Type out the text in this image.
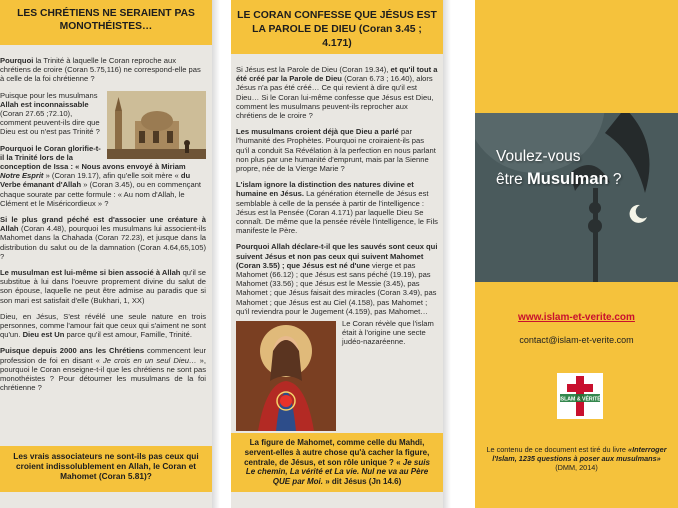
LES CHRÉTIENS NE SERAIENT PAS MONOTHÉISTES…

Pourquoi la Trinité à laquelle le Coran reproche aux chrétiens de croire (Coran 5.75,116) ne correspond-elle pas à celle de la foi chrétienne ?

Puisque pour les musulmans Allah est inconnaissable (Coran 27.65 ;72.10), comment peuvent-ils dire que Dieu est ou n'est pas Trinité ?

Pourquoi le Coran glorifie-t-il la Trinité lors de la conception de Issa : « Nous avons envoyé à Miriam Notre Esprit » (Coran 19.17), afin qu'elle soit mère « du Verbe émanant d'Allah » (Coran 3.45), ou en commençant chaque sourate par cette formule : « Au nom d'Allah, le Clément et le Miséricordieux » ?

Si le plus grand péché est d'associer une créature à Allah (Coran 4.48), pourquoi les musulmans lui associent-ils Mahomet dans la Chahada (Coran 72.23), et jusque dans la distribution du salut ou de la damnation (Coran 4.64,65,105) ?

Le musulman est lui-même si bien associé à Allah qu'il se substitue à lui dans l'oeuvre proprement divine du salut de son épouse, laquelle ne peut être admise au paradis que si son mari est satisfait d'elle (Bukhari, 1, XX)

Dieu, en Jésus, S'est révélé une seule nature en trois personnes, comme l'amour fait que ceux qui s'aiment ne sont qu'un. Dieu est Un parce qu'il est amour, Famille, Trinité.

Puisque depuis 2000 ans les Chrétiens commencent leur profession de foi en disant « Je crois en un seul Dieu… », pourquoi le Coran enseigne-t-il que les chrétiens ne sont pas monothéistes ? Pour détourner les musulmans de la foi chrétienne ?

Les vrais associateurs ne sont-ils pas ceux qui croient indissolublement en Allah, le Coran et Mahomet (Coran 5.81)?
LE CORAN CONFESSE QUE JÉSUS EST LA PAROLE DE DIEU (Coran 3.45 ; 4.171)

Si Jésus est la Parole de Dieu (Coran 19.34), et qu'il tout a été créé par la Parole de Dieu (Coran 6.73 ; 16.40), alors Jésus n'a pas été créé… Ce qui revient à dire qu'il est Dieu… Si le Coran lui-même confesse que Jésus est Dieu, comment les musulmans peuvent-ils reprocher aux chrétiens de le croire ?

Les musulmans croient déjà que Dieu a parlé par l'humanité des Prophètes. Pourquoi ne croiraient-ils pas qu'il a conduit Sa Révélation à la perfection en nous parlant non plus par une humanité d'emprunt, mais par la Sienne propre, née de la Vierge Marie ?

L'islam ignore la distinction des natures divine et humaine en Jésus. La génération éternelle de Jésus est semblable à celle de la pensée à partir de l'intelligence : Jésus est la Pensée (Coran 4.171) par laquelle Dieu Se connaît. De même que la pensée révèle l'intelligence, le Fils manifeste le Père.

Pourquoi Allah déclare-t-il que les sauvés sont ceux qui suivent Jésus et non pas ceux qui suivent Mahomet (Coran 3.55) ; que Jésus est né d'une vierge et pas Mahomet (66.12) ; que Jésus est sans péché (19.19), pas Mahomet (33.56) ; que Jésus est le Messie (3.45), pas Mahomet ; que Jésus faisait des miracles (Coran 3.49), pas Mahomet ; que Jésus est au Ciel (4.158), pas Mahomet ; qu'il reviendra pour le Jugement (4.159), pas Mahomet…

Le Coran révèle que l'islam était à l'origine une secte judéo-nazaréenne.

La figure de Mahomet, comme celle du Mahdi, servent-elles à autre chose qu'à cacher la figure, centrale, de Jésus, et son rôle unique ? « Je suis Le chemin, La vérité et La vie. Nul ne va au Père QUE par Moi. » dit Jésus (Jn 14.6)
Voulez-vous
être Musulman ?
www.islam-et-verite.com
contact@islam-et-verite.com
ISLAM & VÉRITÉ
Le contenu de ce document est tiré du livre «Interroger l'Islam, 1235 questions à poser aux musulmans» (DMM, 2014)
